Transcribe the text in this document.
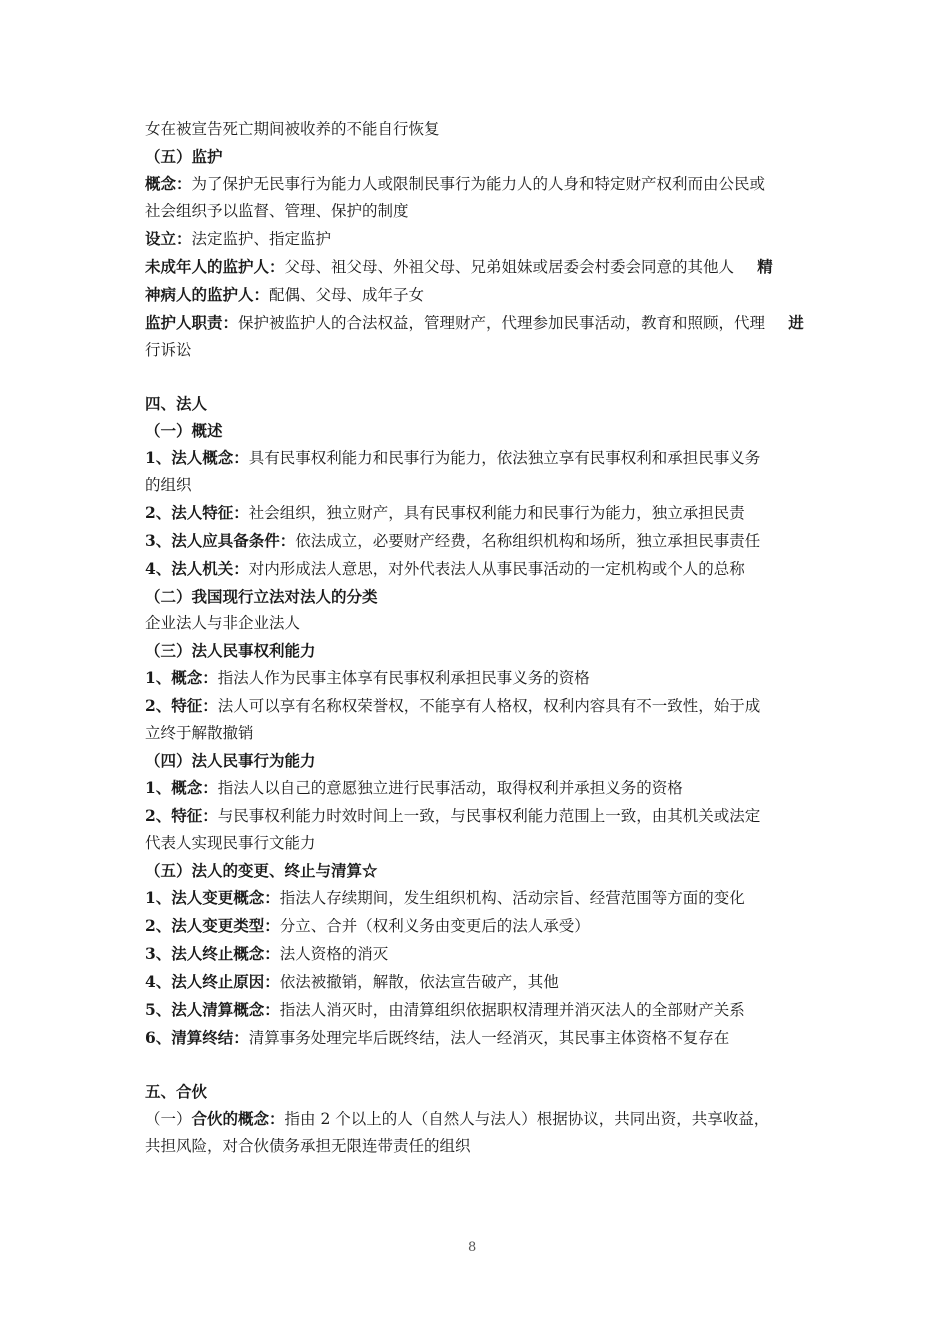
女在被宣告死亡期间被收养的不能自行恢复
（五）监护
概念：为了保护无民事行为能力人或限制民事行为能力人的人身和特定财产权利而由公民或
社会组织予以监督、管理、保护的制度
设立：法定监护、指定监护
未成年人的监护人：父母、祖父母、外祖父母、兄弟姐妹或居委会村委会同意的其他人   精
神病人的监护人：配偶、父母、成年子女
监护人职责：保护被监护人的合法权益，管理财产，代理参加民事活动，教育和照顾，代理   进
行诉讼
四、法人
（一）概述
1、法人概念：具有民事权利能力和民事行为能力，依法独立享有民事权利和承担民事义务
的组织
2、法人特征：社会组织，独立财产，具有民事权利能力和民事行为能力，独立承担民责
3、法人应具备条件：依法成立，必要财产经费，名称组织机构和场所，独立承担民事责任
4、法人机关：对内形成法人意思，对外代表法人从事民事活动的一定机构或个人的总称
（二）我国现行立法对法人的分类
企业法人与非企业法人
（三）法人民事权利能力
1、概念：指法人作为民事主体享有民事权利承担民事义务的资格
2、特征：法人可以享有名称权荣誉权，不能享有人格权，权利内容具有不一致性，始于成
立终于解散撤销
（四）法人民事行为能力
1、概念：指法人以自己的意愿独立进行民事活动，取得权利并承担义务的资格
2、特征：与民事权利能力时效时间上一致，与民事权利能力范围上一致，由其机关或法定
代表人实现民事行文能力
（五）法人的变更、终止与清算☆
1、法人变更概念：指法人存续期间，发生组织机构、活动宗旨、经营范围等方面的变化
2、法人变更类型：分立、合并（权利义务由变更后的法人承受）
3、法人终止概念：法人资格的消灭
4、法人终止原因：依法被撤销，解散，依法宣告破产，其他
5、法人清算概念：指法人消灭时，由清算组织依据职权清理并消灭法人的全部财产关系
6、清算终结：清算事务处理完毕后既终结，法人一经消灭，其民事主体资格不复存在
五、合伙
（一）合伙的概念：指由 2 个以上的人（自然人与法人）根据协议，共同出资，共享收益，
共担风险，对合伙债务承担无限连带责任的组织
8
